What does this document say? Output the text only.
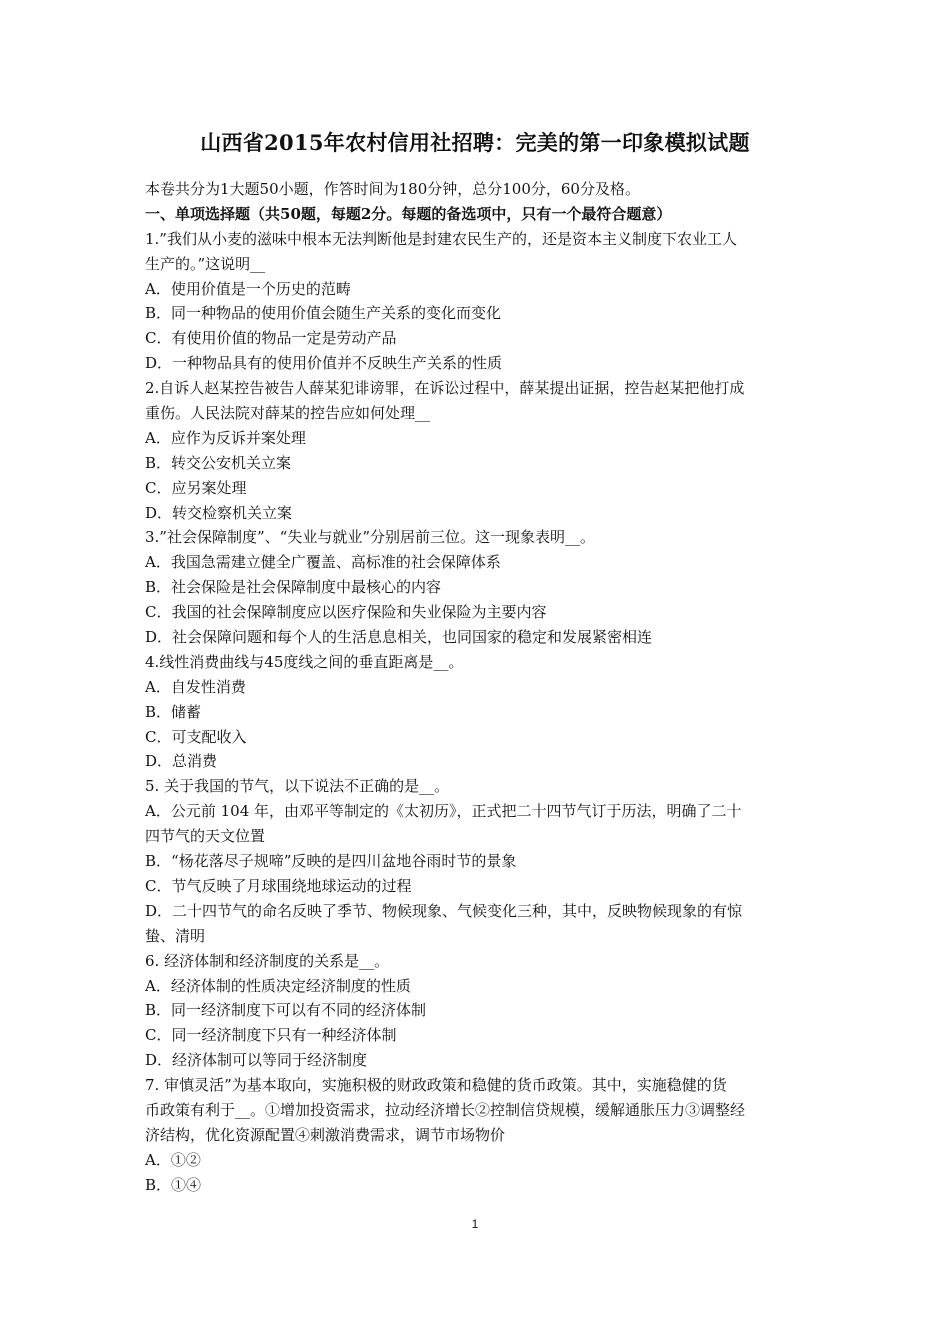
山西省2015年农村信用社招聘：完美的第一印象模拟试题
本卷共分为1大题50小题，作答时间为180分钟，总分100分，60分及格。
一、单项选择题（共50题，每题2分。每题的备选项中，只有一个最符合题意）
1.”我们从小麦的滋味中根本无法判断他是封建农民生产的，还是资本主义制度下农业工人
生产的。”这说明__
A．使用价值是一个历史的范畴
B．同一种物品的使用价值会随生产关系的变化而变化
C．有使用价值的物品一定是劳动产品
D．一种物品具有的使用价值并不反映生产关系的性质
2.自诉人赵某控告被告人薛某犯诽谤罪，在诉讼过程中，薛某提出证据，控告赵某把他打成
重伤。人民法院对薛某的控告应如何处理__
A．应作为反诉并案处理
B．转交公安机关立案
C．应另案处理
D．转交检察机关立案
3.”社会保障制度”、“失业与就业”分别居前三位。这一现象表明__。
A．我国急需建立健全广覆盖、高标准的社会保障体系
B．社会保险是社会保障制度中最核心的内容
C．我国的社会保障制度应以医疗保险和失业保险为主要内容
D．社会保障问题和每个人的生活息息相关，也同国家的稳定和发展紧密相连
4.线性消费曲线与45度线之间的垂直距离是__。
A．自发性消费
B．储蓄
C．可支配收入
D．总消费
5. 关于我国的节气，以下说法不正确的是__。
A．公元前 104 年，由邓平等制定的《太初历》，正式把二十四节气订于历法，明确了二十
四节气的天文位置
B．“杨花落尽子规啼”反映的是四川盆地谷雨时节的景象
C．节气反映了月球围绕地球运动的过程
D．二十四节气的命名反映了季节、物候现象、气候变化三种，其中，反映物候现象的有惊
蛰、清明
6. 经济体制和经济制度的关系是__。
A．经济体制的性质决定经济制度的性质
B．同一经济制度下可以有不同的经济体制
C．同一经济制度下只有一种经济体制
D．经济体制可以等同于经济制度
7. 审慎灵活”为基本取向，实施积极的财政政策和稳健的货币政策。其中，实施稳健的货
币政策有利于__。①增加投资需求，拉动经济增长②控制信贷规模，缓解通胀压力③调整经
济结构，优化资源配置④刺激消费需求，调节市场物价
A．①②
B．①④
1
